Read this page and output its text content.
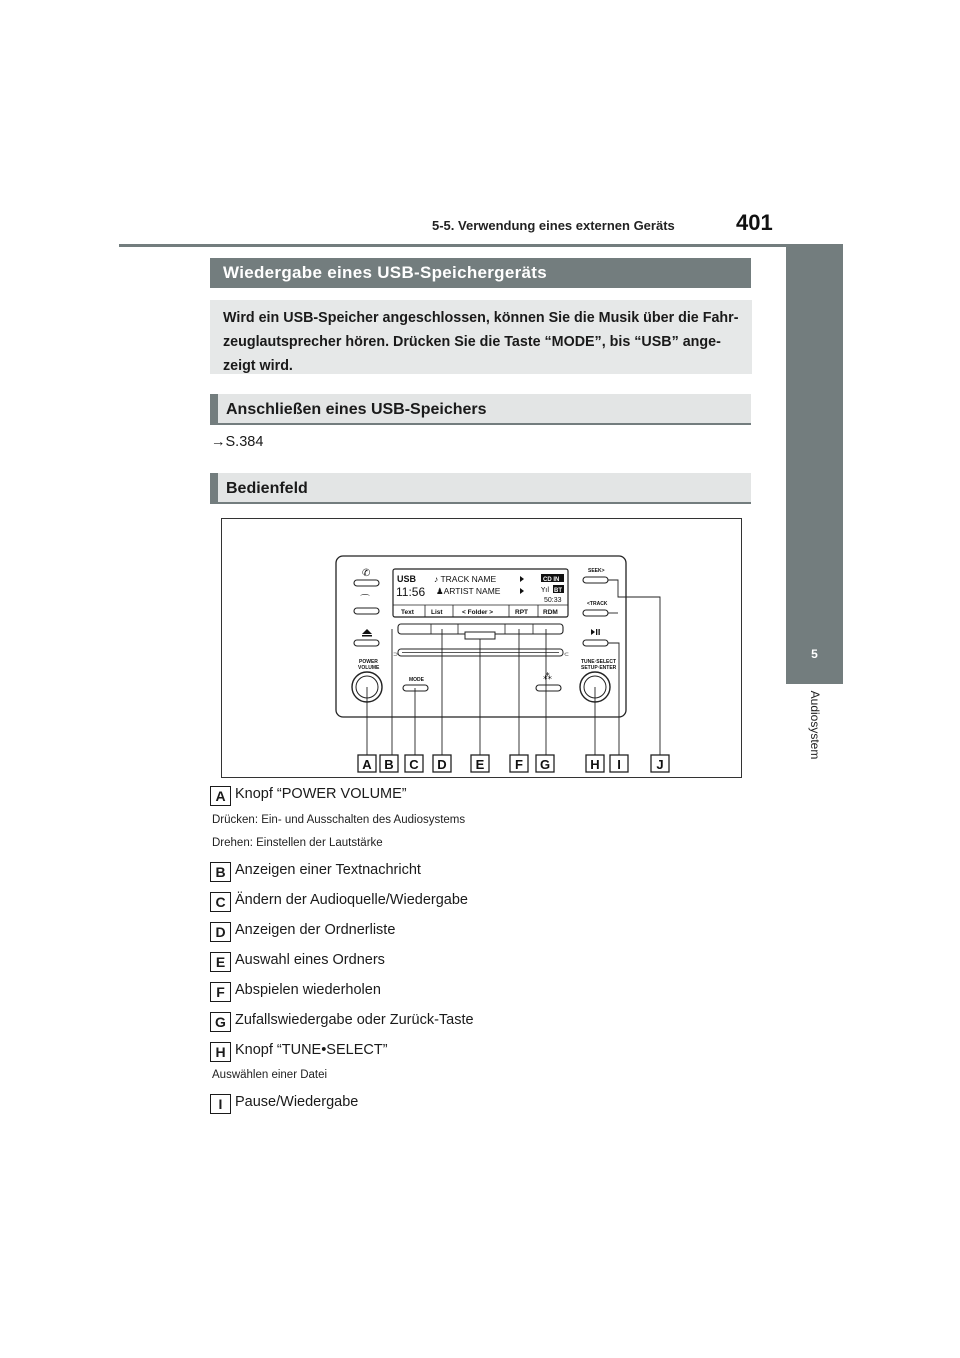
5-5. Verwendung eines externen Geräts	401
5
Audiosystem
Wiedergabe eines USB-Speichergeräts
Wird ein USB-Speicher angeschlossen, können Sie die Musik über die Fahr-
zeuglautsprecher hören. Drücken Sie die Taste “MODE”, bis “USB” ange-
zeigt wird.
Anschließen eines USB-Speichers
→S.384
Bedienfeld
USB
11:56
♪ TRACK NAME
♟ARTIST NAME
CD IN
BT
Yıl
50:33
Text	List	< Folder >	RPT RDM
✆
⌒
POWER
VOLUME
⊃	⊂
MODE	⁂
SEEK>
<TRACK
TUNE·SELECT
SETUP·ENTER
A B C D E F G	H I	J
A Knopf “POWER VOLUME”
Drücken: Ein- und Ausschalten des Audiosystems
Drehen: Einstellen der Lautstärke
B Anzeigen einer Textnachricht
C Ändern der Audioquelle/Wiedergabe
D Anzeigen der Ordnerliste
E Auswahl eines Ordners
F Abspielen wiederholen
G Zufallswiedergabe oder Zurück-Taste
H Knopf “TUNE•SELECT”
Auswählen einer Datei
I Pause/Wiedergabe
